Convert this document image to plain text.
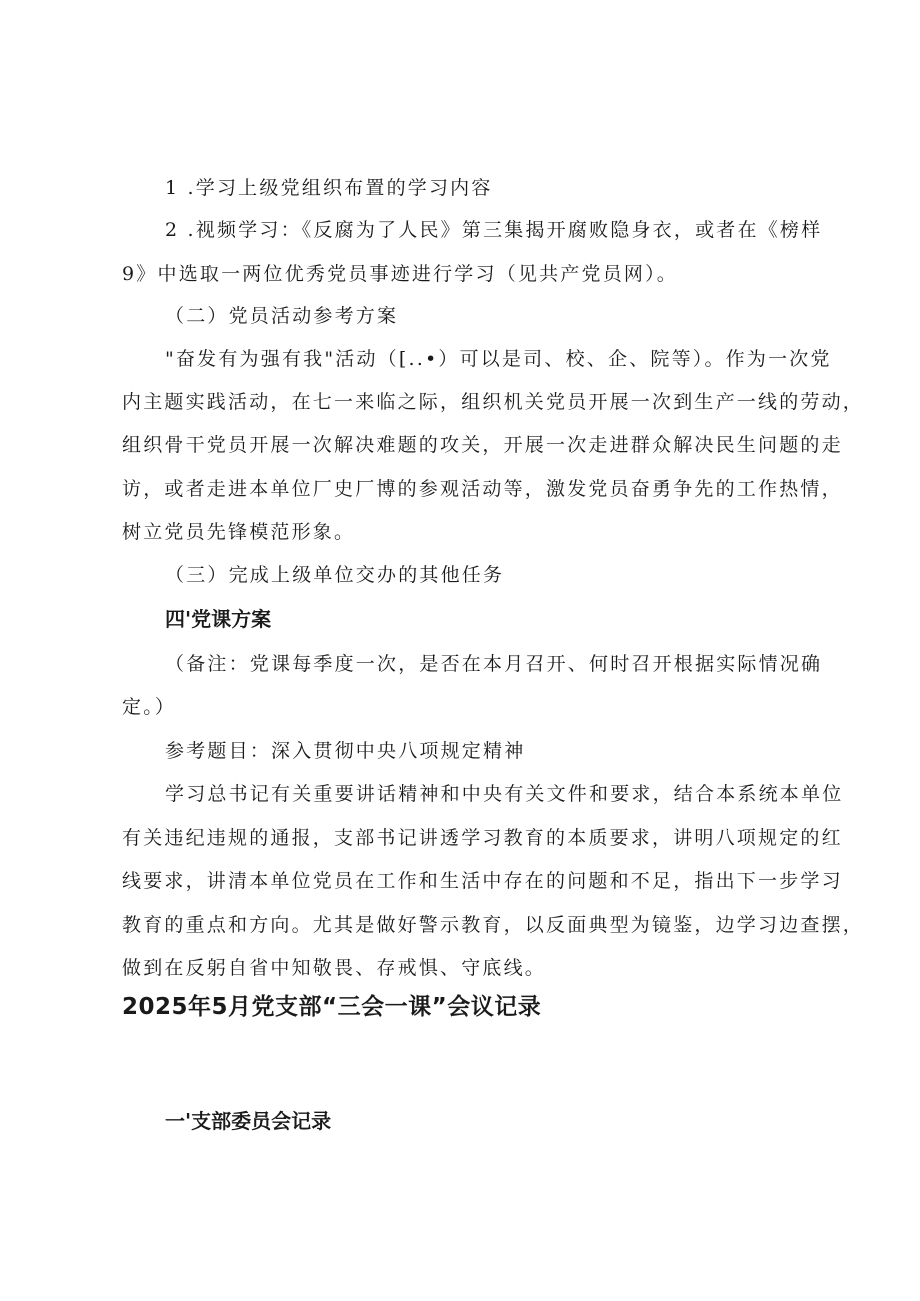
1 .学习上级党组织布置的学习内容
2 .视频学习：《反腐为了人民》第三集揭开腐败隐身衣，或者在《榜样
9》中选取一两位优秀党员事迹进行学习（见共产党员网）。
（二）党员活动参考方案
"奋发有为强有我"活动（[..•）可以是司、校、企、院等）。作为一次党
内主题实践活动，在七一来临之际，组织机关党员开展一次到生产一线的劳动，
组织骨干党员开展一次解决难题的攻关，开展一次走进群众解决民生问题的走
访，或者走进本单位厂史厂博的参观活动等，激发党员奋勇争先的工作热情，
树立党员先锋模范形象。
（三）完成上级单位交办的其他任务
四'党课方案
（备注：党课每季度一次，是否在本月召开、何时召开根据实际情况确
定。）
参考题目：深入贯彻中央八项规定精神
学习总书记有关重要讲话精神和中央有关文件和要求，结合本系统本单位
有关违纪违规的通报，支部书记讲透学习教育的本质要求，讲明八项规定的红
线要求，讲清本单位党员在工作和生活中存在的问题和不足，指出下一步学习
教育的重点和方向。尤其是做好警示教育，以反面典型为镜鉴，边学习边查摆，
做到在反躬自省中知敬畏、存戒惧、守底线。
2025年5月党支部“三会一课”会议记录
一'支部委员会记录
